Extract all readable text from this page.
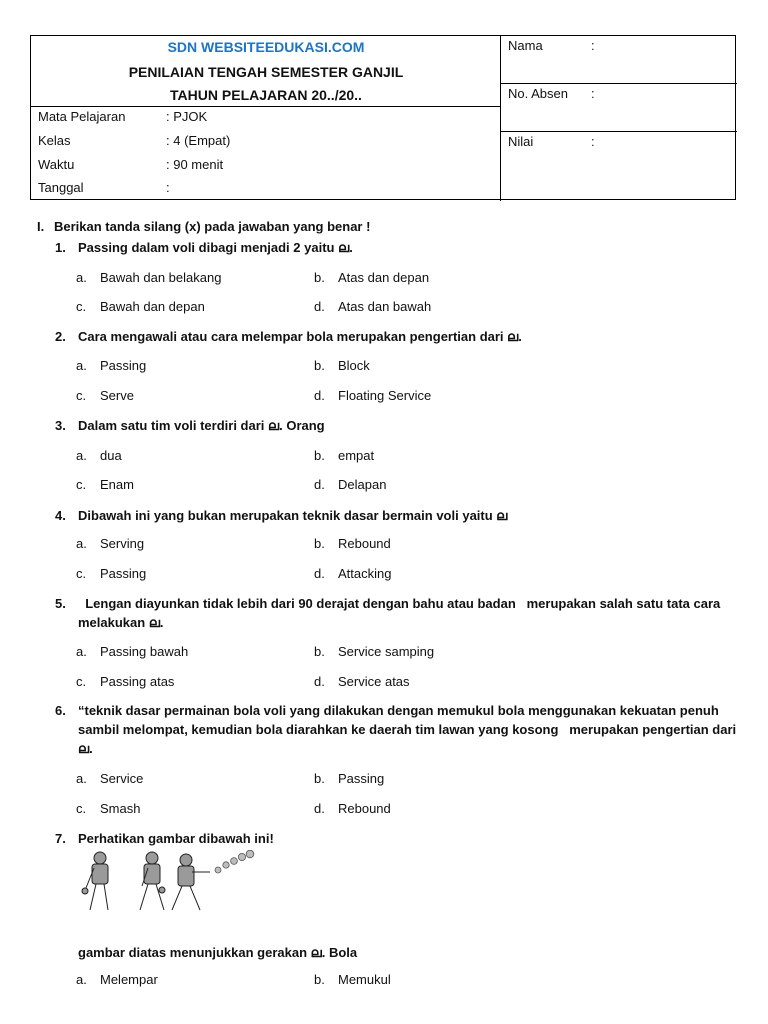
SDN WEBSITEEDUKASI.COM
PENILAIAN TENGAH SEMESTER GANJIL
TAHUN PELAJARAN 20../20..
Mata Pelajaran	: PJOK
Kelas	: 4 (Empat)
Waktu	: 90 menit
Tanggal	:
Nama	:
No. Absen :
Nilai	:
I. Berikan tanda silang (x) pada jawaban yang benar !
1. Passing dalam voli dibagi menjadi 2 yaitu ല.
a. Bawah dan belakang	b. Atas dan depan
c. Bawah dan depan	d. Atas dan bawah
2. Cara mengawali atau cara melempar bola merupakan pengertian dari ല.
a. Passing	b. Block
c. Serve	d. Floating Service
3. Dalam satu tim voli terdiri dari ല. Orang
a. dua	b. empat
c. Enam	d. Delapan
4. Dibawah ini yang bukan merupakan teknik dasar bermain voli yaitu ല
a. Serving	b. Rebound
c. Passing	d. Attacking
5. Lengan diayunkan tidak lebih dari 90 derajat dengan bahu atau badan   merupakan salah satu tata cara melakukan ല.
a. Passing bawah	b. Service samping
c. Passing atas	d. Service atas
6. “teknik dasar permainan bola voli yang dilakukan dengan memukul bola menggunakan kekuatan penuh sambil melompat, kemudian bola diarahkan ke daerah tim lawan yang kosong   merupakan pengertian dari ല.
a. Service	b. Passing
c. Smash	d. Rebound
7. Perhatikan gambar dibawah ini!
gambar diatas menunjukkan gerakan ല. Bola
a. Melempar	b. Memukul
